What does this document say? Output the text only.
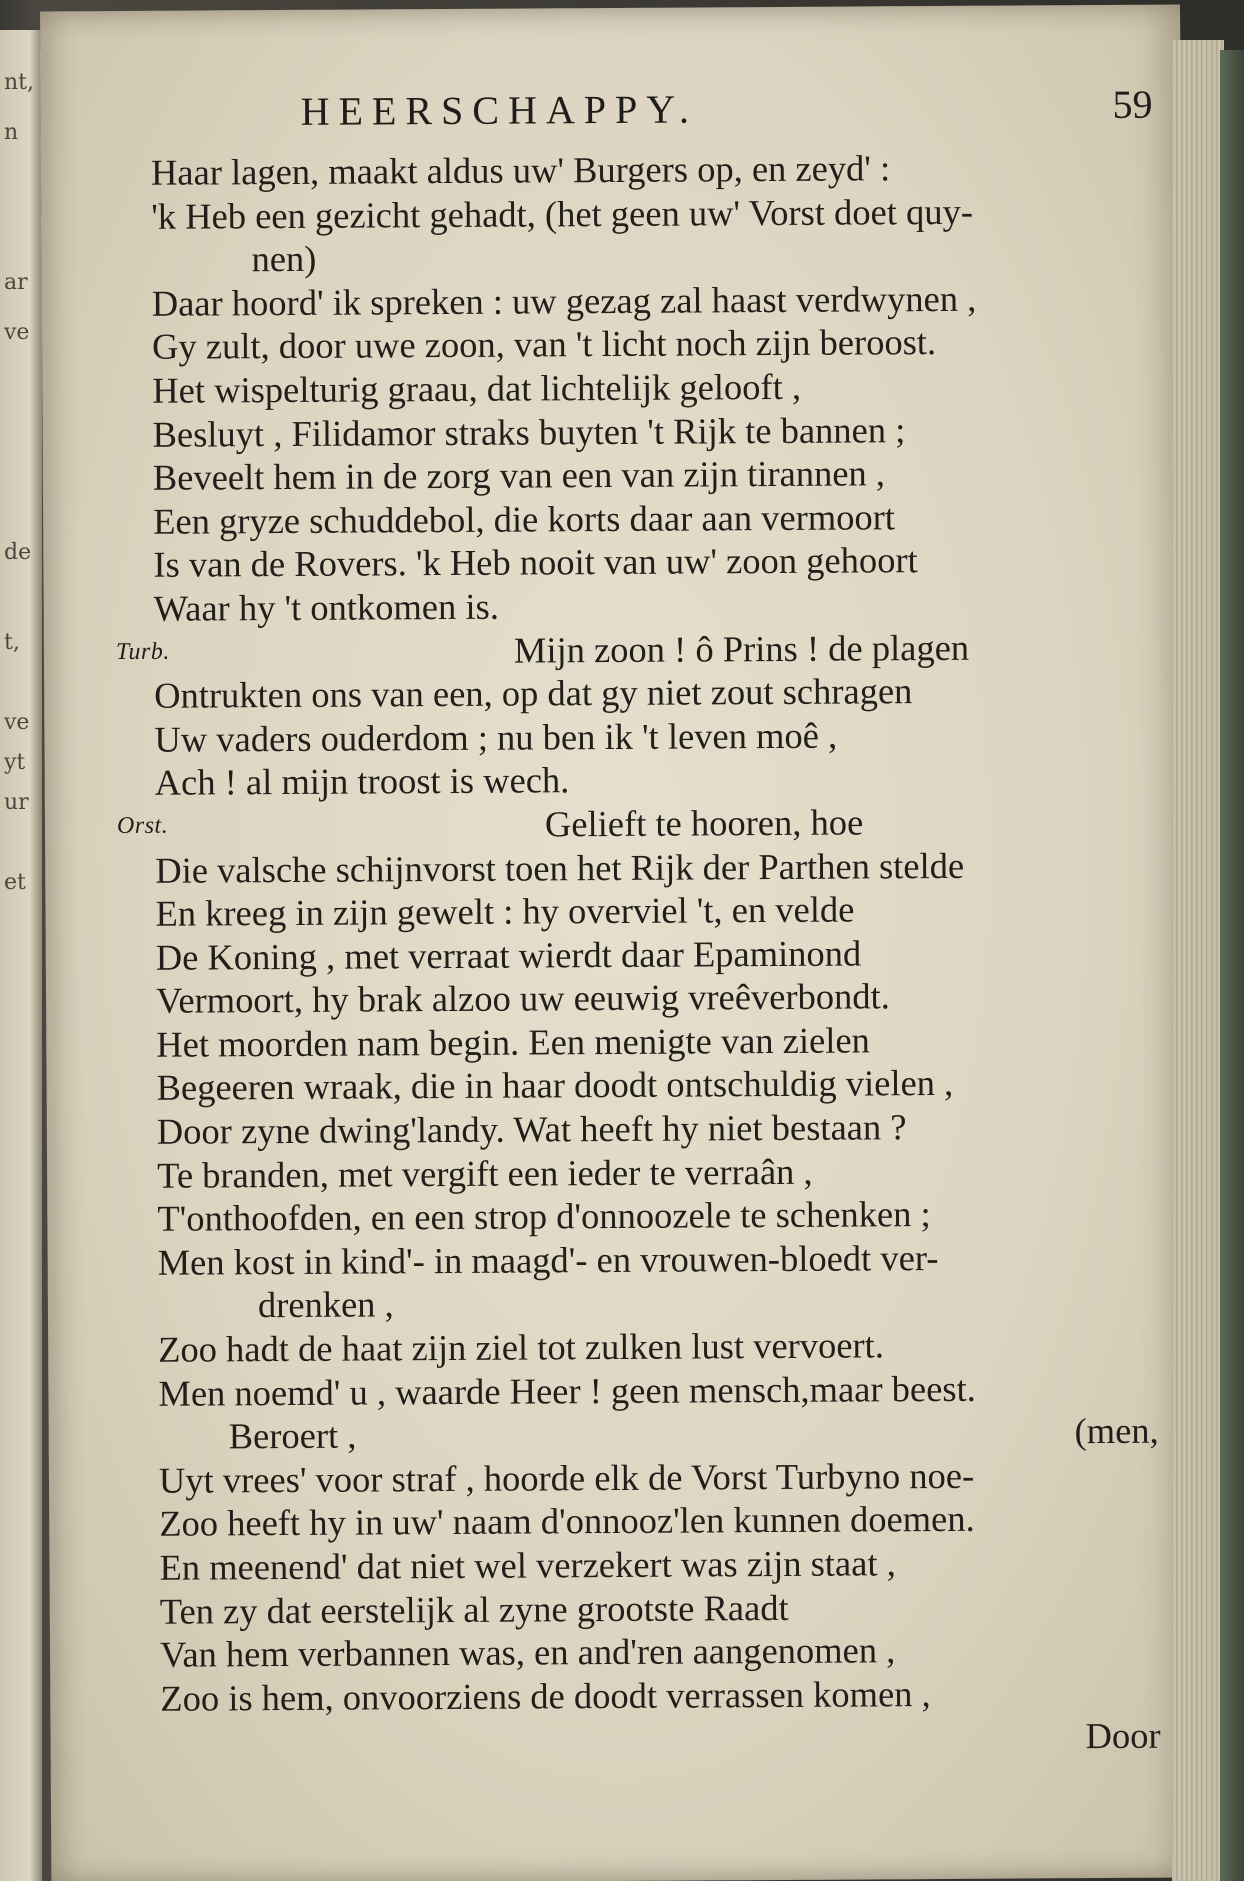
nt,
n
ar
ve
de
t,
ve
yt
ur
et
HEERSCHAPPY.	59
Haar lagen, maakt aldus uw' Burgers op, en zeyd' :
'k Heb een gezicht gehadt, (het geen uw' Vorst doet quy-
nen)
Daar hoord' ik spreken : uw gezag zal haast verdwynen ,
Gy zult, door uwe zoon, van 't licht noch zijn beroost.
Het wispelturig graau, dat lichtelijk gelooft ,
Besluyt , Filidamor straks buyten 't Rijk te bannen ;
Beveelt hem in de zorg van een van zijn tirannen ,
Een gryze schuddebol, die korts daar aan vermoort
Is van de Rovers. 'k Heb nooit van uw' zoon gehoort
Waar hy 't ontkomen is.
Turb.	Mijn zoon ! ô Prins ! de plagen
Ontrukten ons van een, op dat gy niet zout schragen
Uw vaders ouderdom ; nu ben ik 't leven moê ,
Ach ! al mijn troost is wech.
Orst.	Gelieft te hooren, hoe
Die valsche schijnvorst toen het Rijk der Parthen stelde
En kreeg in zijn gewelt : hy overviel 't, en velde
De Koning , met verraat wierdt daar Epaminond
Vermoort, hy brak alzoo uw eeuwig vreêverbondt.
Het moorden nam begin. Een menigte van zielen
Begeeren wraak, die in haar doodt ontschuldig vielen ,
Door zyne dwing'landy. Wat heeft hy niet bestaan ?
Te branden, met vergift een ieder te verraân ,
T'onthoofden, en een strop d'onnoozele te schenken ;
Men kost in kind'- in maagd'- en vrouwen-bloedt ver-
drenken ,
Zoo hadt de haat zijn ziel tot zulken lust vervoert.
Men noemd' u , waarde Heer ! geen mensch,maar beest.
Beroert ,	(men,
Uyt vrees' voor straf , hoorde elk de Vorst Turbyno noe-
Zoo heeft hy in uw' naam d'onnooz'len kunnen doemen.
En meenend' dat niet wel verzekert was zijn staat ,
Ten zy dat eerstelijk al zyne grootste Raadt
Van hem verbannen was, en and'ren aangenomen ,
Zoo is hem, onvoorziens de doodt verrassen komen ,
Door
